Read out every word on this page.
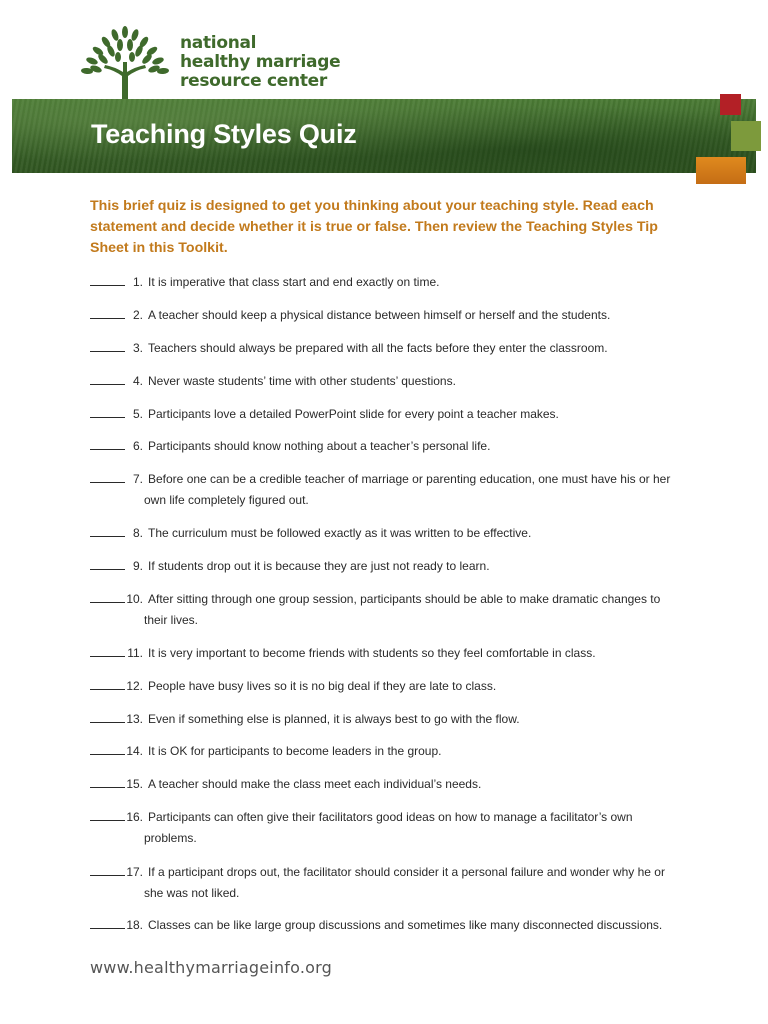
national
healthy marriage
resource center
Teaching Styles Quiz
This brief quiz is designed to get you thinking about your teaching style. Read each statement and decide whether it is true or false. Then review the Teaching Styles Tip Sheet in this Toolkit.
1. It is imperative that class start and end exactly on time.
2. A teacher should keep a physical distance between himself or herself and the students.
3. Teachers should always be prepared with all the facts before they enter the classroom.
4. Never waste students’ time with other students’ questions.
5. Participants love a detailed PowerPoint slide for every point a teacher makes.
6. Participants should know nothing about a teacher’s personal life.
7. Before one can be a credible teacher of marriage or parenting education, one must have his or her
own life completely figured out.
8. The curriculum must be followed exactly as it was written to be effective.
9. If students drop out it is because they are just not ready to learn.
10. After sitting through one group session, participants should be able to make dramatic changes to
their lives.
11. It is very important to become friends with students so they feel comfortable in class.
12. People have busy lives so it is no big deal if they are late to class.
13. Even if something else is planned, it is always best to go with the flow.
14. It is OK for participants to become leaders in the group.
15. A teacher should make the class meet each individual’s needs.
16. Participants can often give their facilitators good ideas on how to manage a facilitator’s own
problems.
17. If a participant drops out, the facilitator should consider it a personal failure and wonder why he or
she was not liked.
18. Classes can be like large group discussions and sometimes like many disconnected discussions.
www.healthymarriageinfo.org
